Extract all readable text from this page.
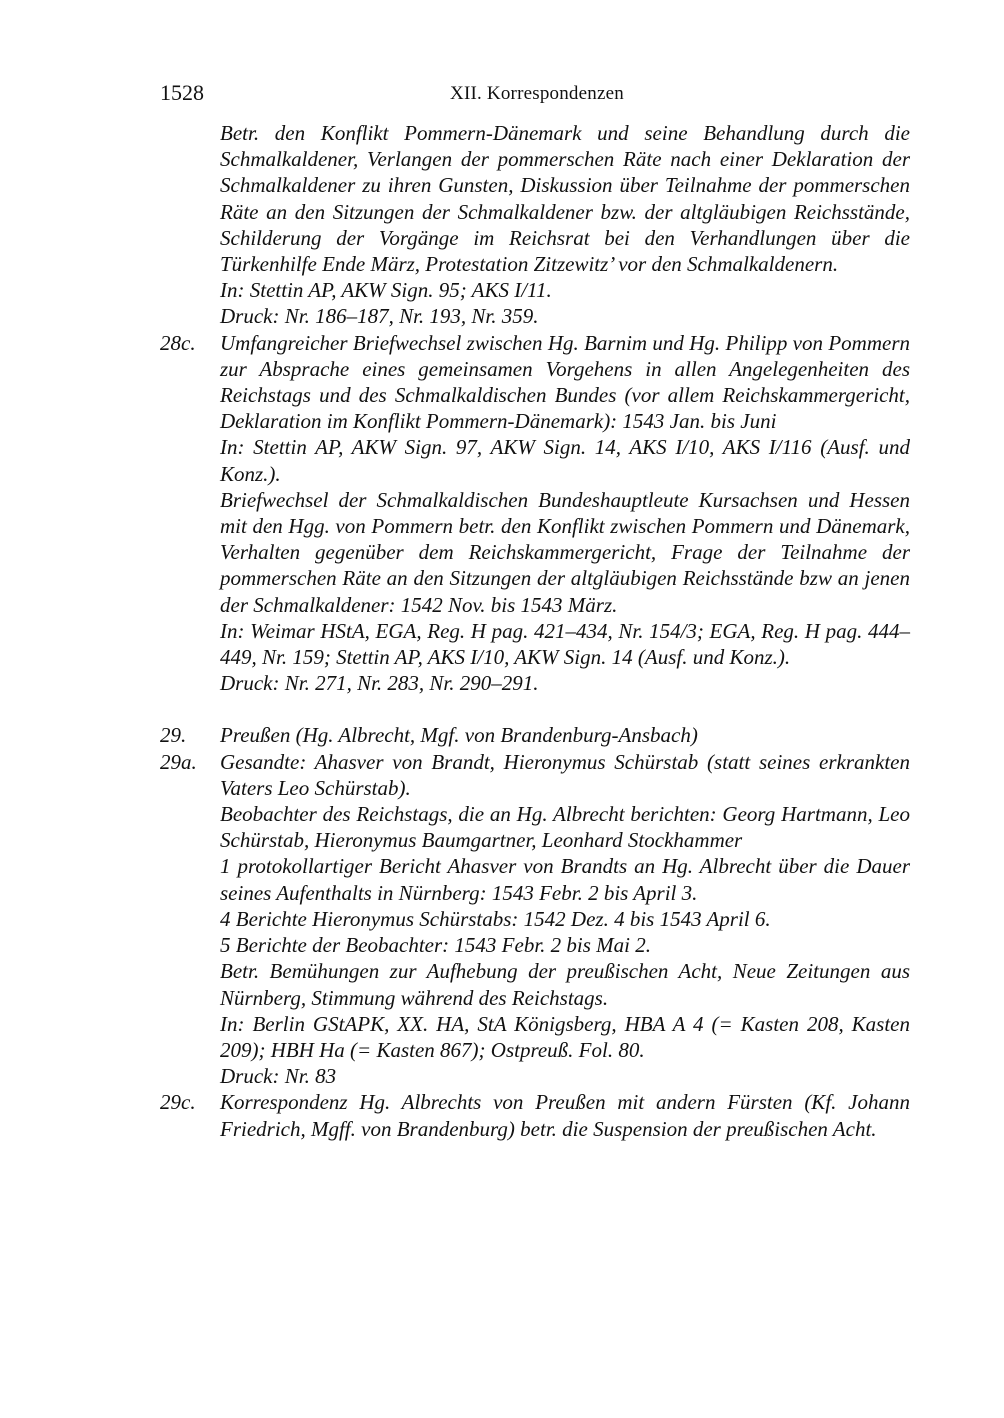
1528	XII. Korrespondenzen
Betr. den Konflikt Pommern-Dänemark und seine Behandlung durch die Schmalkaldener, Verlangen der pommerschen Räte nach einer Deklaration der Schmalkaldener zu ihren Gunsten, Diskussion über Teilnahme der pommerschen Räte an den Sitzungen der Schmalkaldener bzw. der altgläubigen Reichsstände, Schilderung der Vorgänge im Reichsrat bei den Verhandlungen über die Türkenhilfe Ende März, Protestation Zitzewitz’ vor den Schmalkaldenern.
In: Stettin AP, AKW Sign. 95; AKS I/11.
Druck: Nr. 186–187, Nr. 193, Nr. 359.
28c.	Umfangreicher Briefwechsel zwischen Hg. Barnim und Hg. Philipp von Pommern zur Absprache eines gemeinsamen Vorgehens in allen Angelegenheiten des Reichstags und des Schmalkaldischen Bundes (vor allem Reichskammergericht, Deklaration im Konflikt Pommern-Dänemark): 1543 Jan. bis Juni
In: Stettin AP, AKW Sign. 97, AKW Sign. 14, AKS I/10, AKS I/116 (Ausf. und Konz.).
Briefwechsel der Schmalkaldischen Bundeshauptleute Kursachsen und Hessen mit den Hgg. von Pommern betr. den Konflikt zwischen Pommern und Dänemark, Verhalten gegenüber dem Reichskammergericht, Frage der Teilnahme der pommerschen Räte an den Sitzungen der altgläubigen Reichsstände bzw an jenen der Schmalkaldener: 1542 Nov. bis 1543 März.
In: Weimar HStA, EGA, Reg. H pag. 421–434, Nr. 154/3; EGA, Reg. H pag. 444–449, Nr. 159; Stettin AP, AKS I/10, AKW Sign. 14 (Ausf. und Konz.).
Druck: Nr. 271, Nr. 283, Nr. 290–291.
29.	Preußen (Hg. Albrecht, Mgf. von Brandenburg-Ansbach)
29a.	Gesandte: Ahasver von Brandt, Hieronymus Schürstab (statt seines erkrankten Vaters Leo Schürstab).
Beobachter des Reichstags, die an Hg. Albrecht berichten: Georg Hartmann, Leo Schürstab, Hieronymus Baumgartner, Leonhard Stockhammer
1 protokollartiger Bericht Ahasver von Brandts an Hg. Albrecht über die Dauer seines Aufenthalts in Nürnberg: 1543 Febr. 2 bis April 3.
4 Berichte Hieronymus Schürstabs: 1542 Dez. 4 bis 1543 April 6.
5 Berichte der Beobachter: 1543 Febr. 2 bis Mai 2.
Betr. Bemühungen zur Aufhebung der preußischen Acht, Neue Zeitungen aus Nürnberg, Stimmung während des Reichstags.
In: Berlin GStAPK, XX. HA, StA Königsberg, HBA A 4 (= Kasten 208, Kasten 209); HBH Ha (= Kasten 867); Ostpreuß. Fol. 80.
Druck: Nr. 83
29c.	Korrespondenz Hg. Albrechts von Preußen mit andern Fürsten (Kf. Johann Friedrich, Mgff. von Brandenburg) betr. die Suspension der preußischen Acht.
